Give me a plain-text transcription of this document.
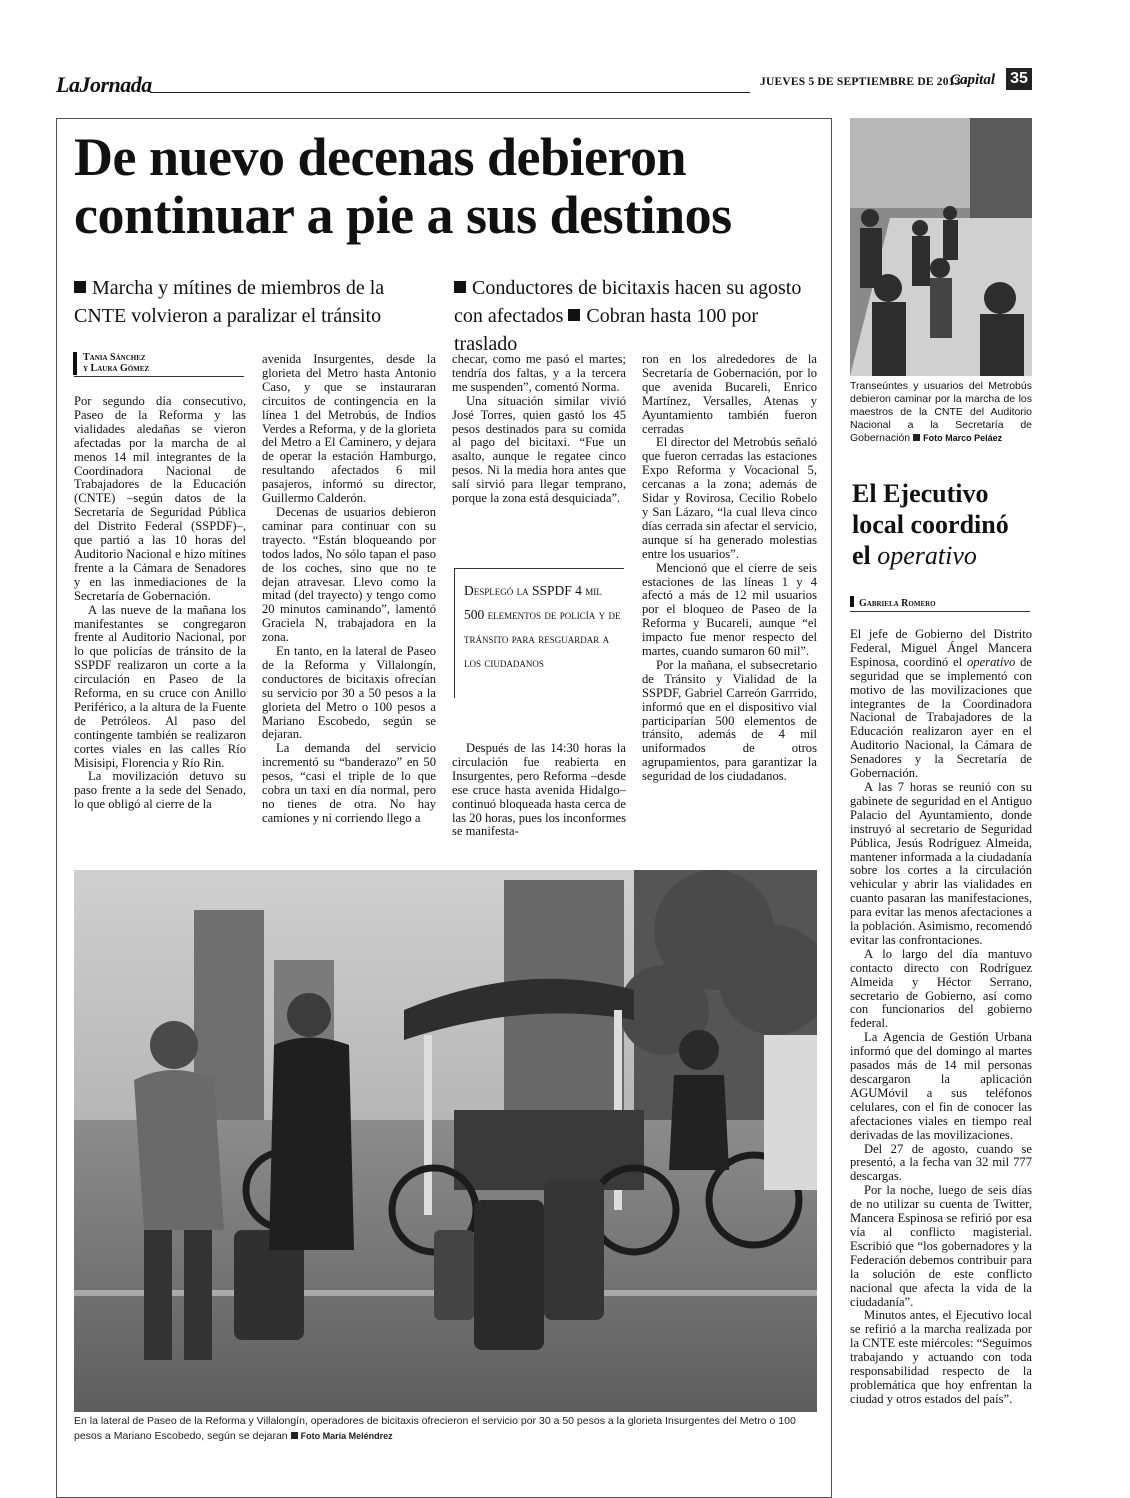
LaJornada	JUEVES 5 DE SEPTIEMBRE DE 2013 •
Capital 35
De nuevo decenas debieron continuar a pie a sus destinos
Marcha y mítines de miembros de la CNTE volvieron a paralizar el tránsito
Conductores de bicitaxis hacen su agosto con afectados Cobran hasta 100 por traslado
Tania Sánchez
y Laura Gómez

Por segundo día consecutivo, Paseo de la Reforma y las vialidades aledañas se vieron afectadas por la marcha de al menos 14 mil integrantes de la Coordinadora Nacional de Trabajadores de la Educación (CNTE) –según datos de la Secretaría de Seguridad Pública del Distrito Federal (SSPDF)–, que partió a las 10 horas del Auditorio Nacional e hizo mítines frente a la Cámara de Senadores y en las inmediaciones de la Secretaría de Gobernación.

A las nueve de la mañana los manifestantes se congregaron frente al Auditorio Nacional, por lo que policías de tránsito de la SSPDF realizaron un corte a la circulación en Paseo de la Reforma, en su cruce con Anillo Periférico, a la altura de la Fuente de Petróleos. Al paso del contingente también se realizaron cortes viales en las calles Río Misisipi, Florencia y Río Rin.

La movilización detuvo su paso frente a la sede del Senado, lo que obligó al cierre de la

avenida Insurgentes, desde la glorieta del Metro hasta Antonio Caso, y que se instauraran circuitos de contingencia en la línea 1 del Metrobús, de Indios Verdes a Reforma, y de la glorieta del Metro a El Caminero, y dejara de operar la estación Hamburgo, resultando afectados 6 mil pasajeros, informó su director, Guillermo Calderón.

Decenas de usuarios debieron caminar para continuar con su trayecto. “Están bloqueando por todos lados, No sólo tapan el paso de los coches, sino que no te dejan atravesar. Llevo como la mitad (del trayecto) y tengo como 20 minutos caminando”, lamentó Graciela N, trabajadora en la zona.

En tanto, en la lateral de Paseo de la Reforma y Villalongín, conductores de bicitaxis ofrecían su servicio por 30 a 50 pesos a la glorieta del Metro o 100 pesos a Mariano Escobedo, según se dejaran.

La demanda del servicio incrementó su “banderazo” en 50 pesos, “casi el triple de lo que cobra un taxi en día normal, pero no tienes de otra. No hay camiones y ni corriendo llego a

checar, como me pasó el martes; tendría dos faltas, y a la tercera me suspenden”, comentó Norma.

Una situación similar vivió José Torres, quien gastó los 45 pesos destinados para su comida al pago del bicitaxi. “Fue un asalto, aunque le regatee cinco pesos. Ni la media hora antes que salí sirvió para llegar temprano, porque la zona está desquiciada”.

Desplegó la SSPDF 4 mil 500 elementos de policía y de tránsito para resguardar a los ciudadanos

Después de las 14:30 horas la circulación fue reabierta en Insurgentes, pero Reforma –desde ese cruce hasta avenida Hidalgo– continuó bloqueada hasta cerca de las 20 horas, pues los inconformes se manifesta-

ron en los alrededores de la Secretaría de Gobernación, por lo que avenida Bucareli, Enrico Martínez, Versalles, Atenas y Ayuntamiento también fueron cerradas

El director del Metrobús señaló que fueron cerradas las estaciones Expo Reforma y Vocacional 5, cercanas a la zona; además de Sidar y Rovirosa, Cecilio Robelo y San Lázaro, “la cual lleva cinco días cerrada sin afectar el servicio, aunque sí ha generado molestias entre los usuarios”.

Mencionó que el cierre de seis estaciones de las líneas 1 y 4 afectó a más de 12 mil usuarios por el bloqueo de Paseo de la Reforma y Bucareli, aunque “el impacto fue menor respecto del martes, cuando sumaron 60 mil”.

Por la mañana, el subsecretario de Tránsito y Vialidad de la SSPDF, Gabriel Carreón Garrrido, informó que en el dispositivo vial participarían 500 elementos de tránsito, además de 4 mil uniformados de otros agrupamientos, para garantizar la seguridad de los ciudadanos.

En la lateral de Paseo de la Reforma y Villalongín, operadores de bicitaxis ofrecieron el servicio por 30 a 50 pesos a la glorieta Insurgentes del Metro o 100 pesos a Mariano Escobedo, según se dejaran Foto María Meléndrez
Transeúntes y usuarios del Metrobús debieron caminar por la marcha de los maestros de la CNTE del Auditorio Nacional a la Secretaría de Gobernación Foto Marco Peláez
El Ejecutivo local coordinó el operativo
Gabriela Romero

El jefe de Gobierno del Distrito Federal, Miguel Ángel Mancera Espinosa, coordinó el operativo de seguridad que se implementó con motivo de las movilizaciones que integrantes de la Coordinadora Nacional de Trabajadores de la Educación realizaron ayer en el Auditorio Nacional, la Cámara de Senadores y la Secretaría de Gobernación.

A las 7 horas se reunió con su gabinete de seguridad en el Antiguo Palacio del Ayuntamiento, donde instruyó al secretario de Seguridad Pública, Jesús Rodríguez Almeida, mantener informada a la ciudadanía sobre los cortes a la circulación vehicular y abrir las vialidades en cuanto pasaran las manifestaciones, para evitar las menos afectaciones a la población. Asimismo, recomendó evitar las confrontaciones.

A lo largo del día mantuvo contacto directo con Rodríguez Almeida y Héctor Serrano, secretario de Gobierno, así como con funcionarios del gobierno federal.

La Agencia de Gestión Urbana informó que del domingo al martes pasados más de 14 mil personas descargaron la aplicación AGUMóvil a sus teléfonos celulares, con el fin de conocer las afectaciones viales en tiempo real derivadas de las movilizaciones.

Del 27 de agosto, cuando se presentó, a la fecha van 32 mil 777 descargas.

Por la noche, luego de seis días de no utilizar su cuenta de Twitter, Mancera Espinosa se refirió por esa vía al conflicto magisterial. Escribió que “los gobernadores y la Federación debemos contribuir para la solución de este conflicto nacional que afecta la vida de la ciudadanía”.

Minutos antes, el Ejecutivo local se refirió a la marcha realizada por la CNTE este miércoles: “Seguimos trabajando y actuando con toda responsabilidad respecto de la problemática que hoy enfrentan la ciudad y otros estados del país”.
